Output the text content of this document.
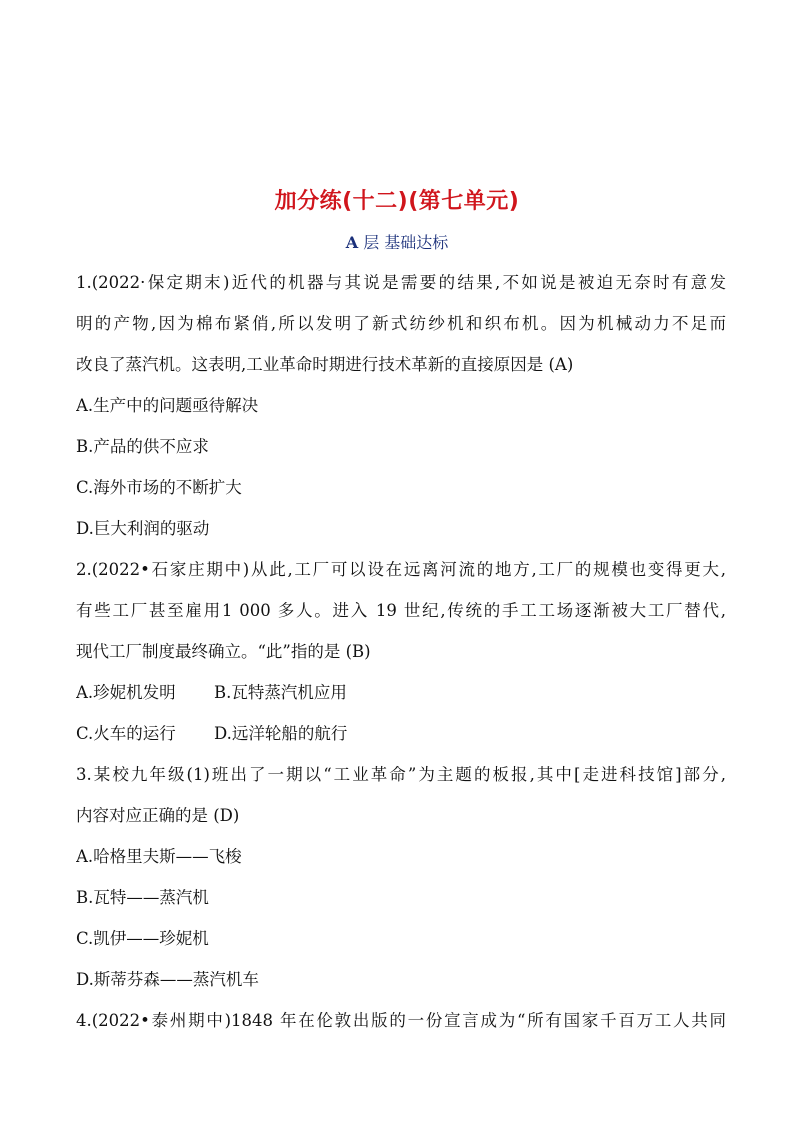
加分练(十二)(第七单元)
A 层 基础达标
1.(2022·保定期末)近代的机器与其说是需要的结果,不如说是被迫无奈时有意发
明的产物,因为棉布紧俏,所以发明了新式纺纱机和织布机。因为机械动力不足而
改良了蒸汽机。这表明,工业革命时期进行技术革新的直接原因是 (A)
A.生产中的问题亟待解决
B.产品的供不应求
C.海外市场的不断扩大
D.巨大利润的驱动
2.(2022•石家庄期中)从此,工厂可以设在远离河流的地方,工厂的规模也变得更大,
有些工厂甚至雇用1 000 多人。进入 19 世纪,传统的手工工场逐渐被大工厂替代,
现代工厂制度最终确立。“此”指的是 (B)
A.珍妮机发明 B.瓦特蒸汽机应用
C.火车的运行 D.远洋轮船的航行
3.某校九年级(1)班出了一期以“工业革命”为主题的板报,其中[走进科技馆]部分,
内容对应正确的是 (D)
A.哈格里夫斯——飞梭
B.瓦特——蒸汽机
C.凯伊——珍妮机
D.斯蒂芬森——蒸汽机车
4.(2022•泰州期中)1848 年在伦敦出版的一份宣言成为“所有国家千百万工人共同
